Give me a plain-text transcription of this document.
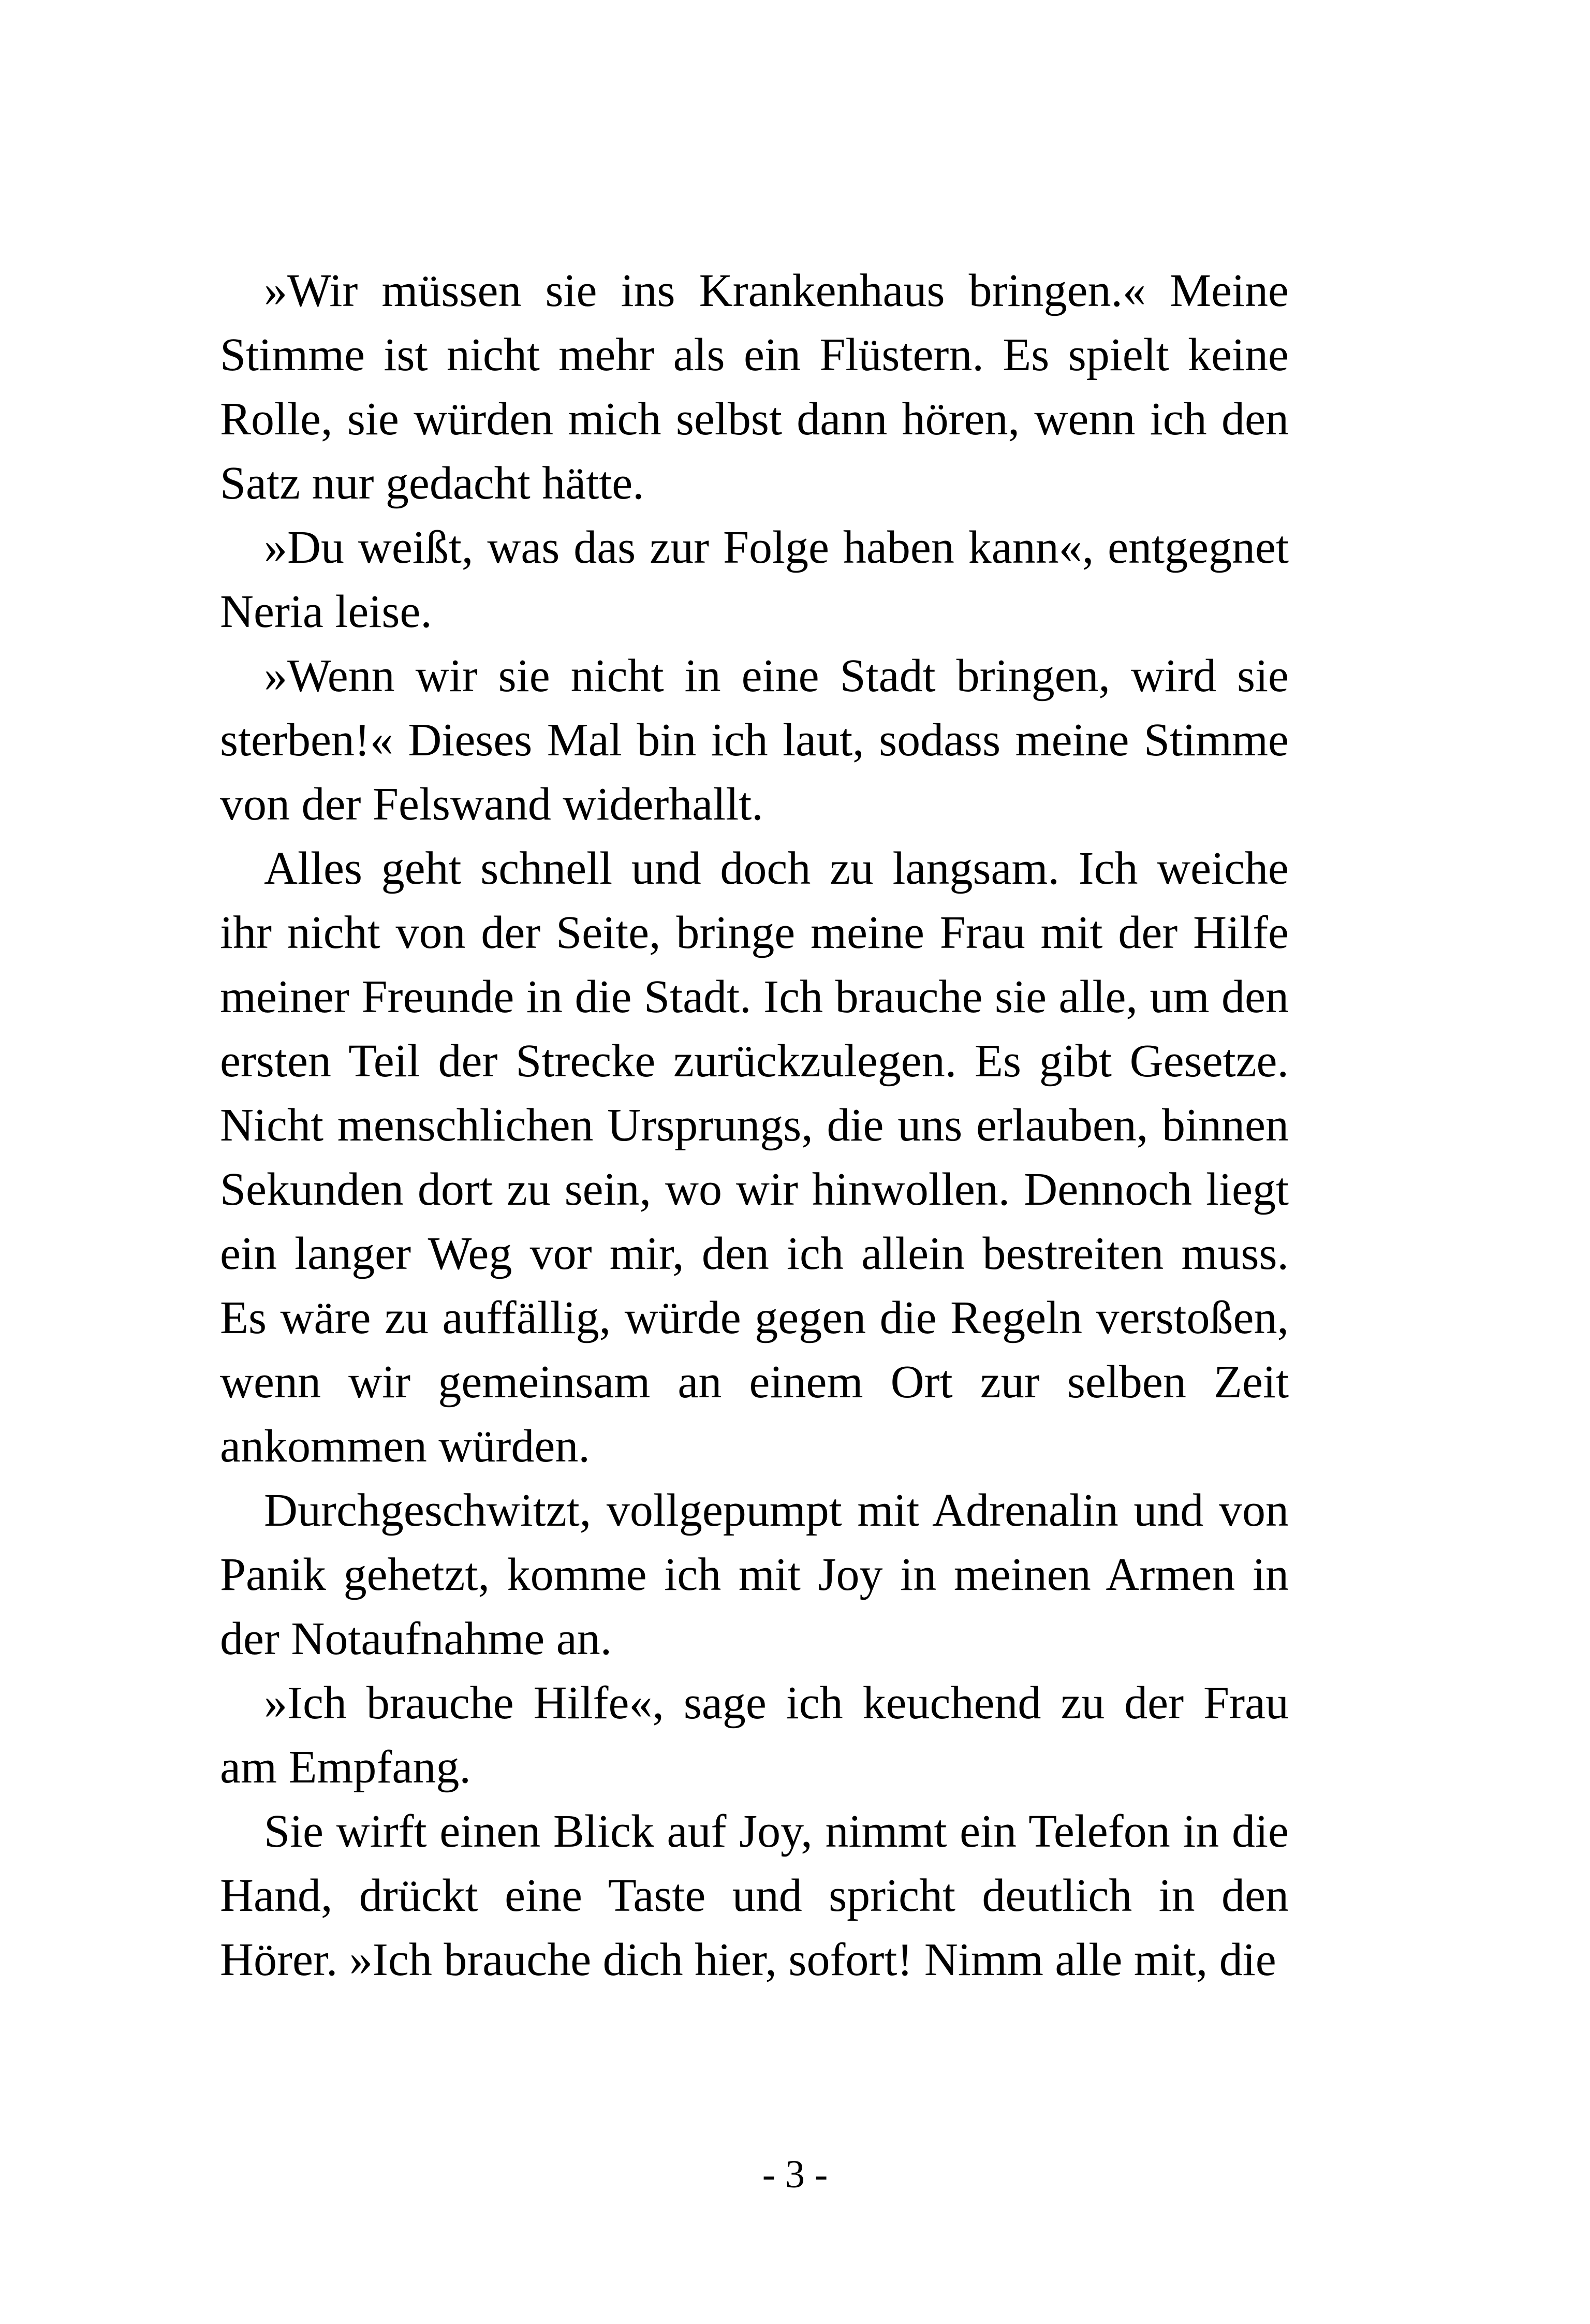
»Wir müssen sie ins Krankenhaus bringen.« Meine Stimme ist nicht mehr als ein Flüstern. Es spielt keine Rolle, sie würden mich selbst dann hören, wenn ich den Satz nur gedacht hätte.

»Du weißt, was das zur Folge haben kann«, entgegnet Neria leise.

»Wenn wir sie nicht in eine Stadt bringen, wird sie sterben!« Dieses Mal bin ich laut, sodass meine Stimme von der Felswand widerhallt.

Alles geht schnell und doch zu langsam. Ich weiche ihr nicht von der Seite, bringe meine Frau mit der Hilfe meiner Freunde in die Stadt. Ich brauche sie alle, um den ersten Teil der Strecke zurückzulegen. Es gibt Gesetze. Nicht menschlichen Ursprungs, die uns erlauben, binnen Sekunden dort zu sein, wo wir hinwollen. Dennoch liegt ein langer Weg vor mir, den ich allein bestreiten muss. Es wäre zu auffällig, würde gegen die Regeln verstoßen, wenn wir gemeinsam an einem Ort zur selben Zeit ankommen würden.

Durchgeschwitzt, vollgepumpt mit Adrenalin und von Panik gehetzt, komme ich mit Joy in meinen Armen in der Notaufnahme an.

»Ich brauche Hilfe«, sage ich keuchend zu der Frau am Empfang.

Sie wirft einen Blick auf Joy, nimmt ein Telefon in die Hand, drückt eine Taste und spricht deutlich in den Hörer. »Ich brauche dich hier, sofort! Nimm alle mit, die

- 3 -
